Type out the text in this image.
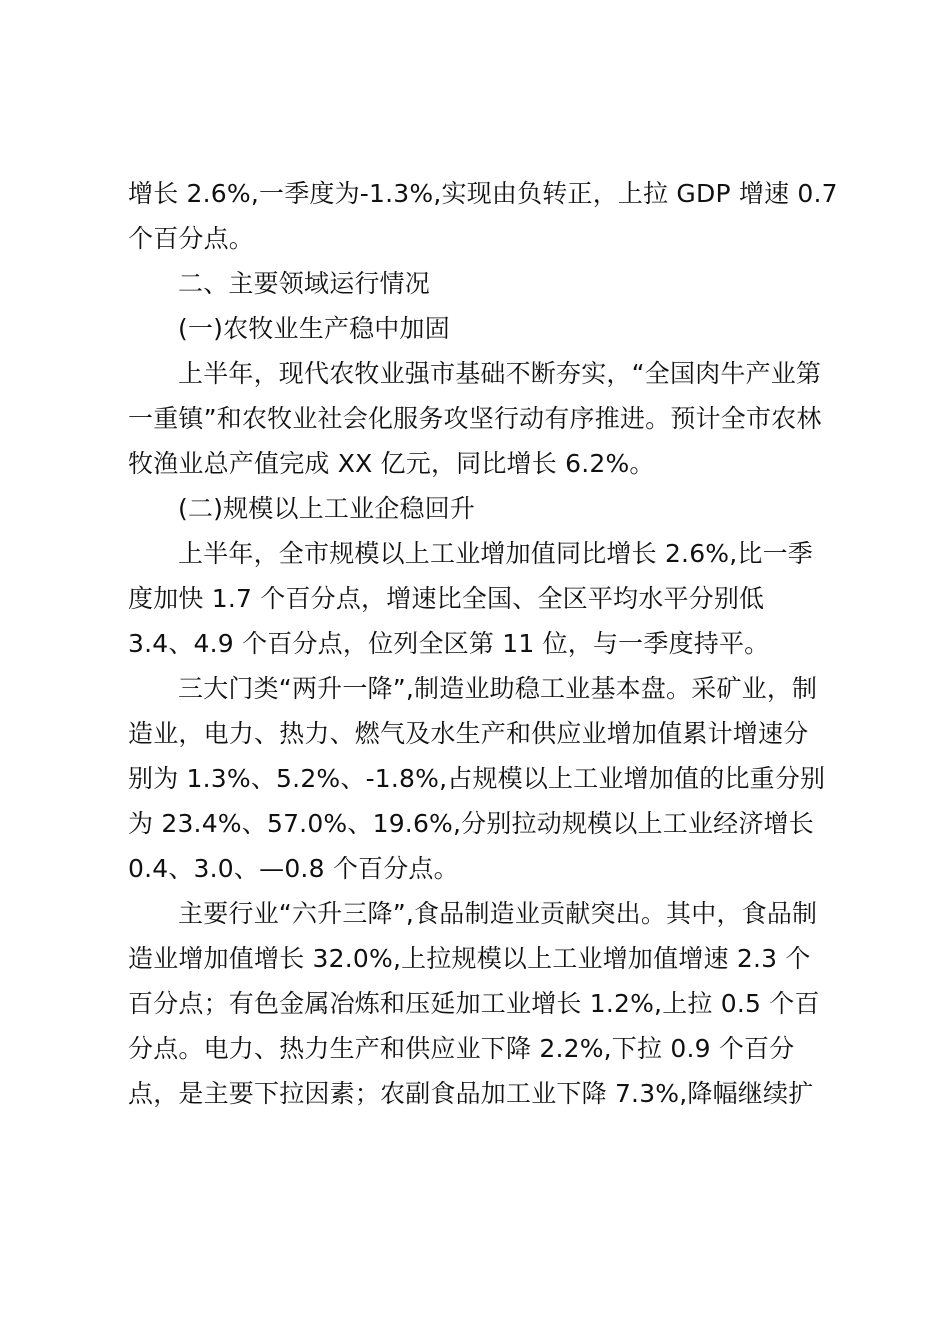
增长 2.6%,一季度为-1.3%,实现由负转正，上拉 GDP 增速 0.7

个百分点。

二、主要领域运行情况

(一)农牧业生产稳中加固

上半年，现代农牧业强市基础不断夯实，“全国肉牛产业第

一重镇”和农牧业社会化服务攻坚行动有序推进。预计全市农林

牧渔业总产值完成 XX 亿元，同比增长 6.2%。

(二)规模以上工业企稳回升

上半年，全市规模以上工业增加值同比增长 2.6%,比一季

度加快 1.7 个百分点，增速比全国、全区平均水平分别低

3.4、4.9 个百分点，位列全区第 11 位，与一季度持平。

三大门类“两升一降”,制造业助稳工业基本盘。采矿业，制

造业，电力、热力、燃气及水生产和供应业增加值累计增速分

别为 1.3%、5.2%、-1.8%,占规模以上工业增加值的比重分别

为 23.4%、57.0%、19.6%,分别拉动规模以上工业经济增长

0.4、3.0、—0.8 个百分点。

主要行业“六升三降”,食品制造业贡献突出。其中，食品制

造业增加值增长 32.0%,上拉规模以上工业增加值增速 2.3 个

百分点；有色金属冶炼和压延加工业增长 1.2%,上拉 0.5 个百

分点。电力、热力生产和供应业下降 2.2%,下拉 0.9 个百分

点，是主要下拉因素；农副食品加工业下降 7.3%,降幅继续扩
